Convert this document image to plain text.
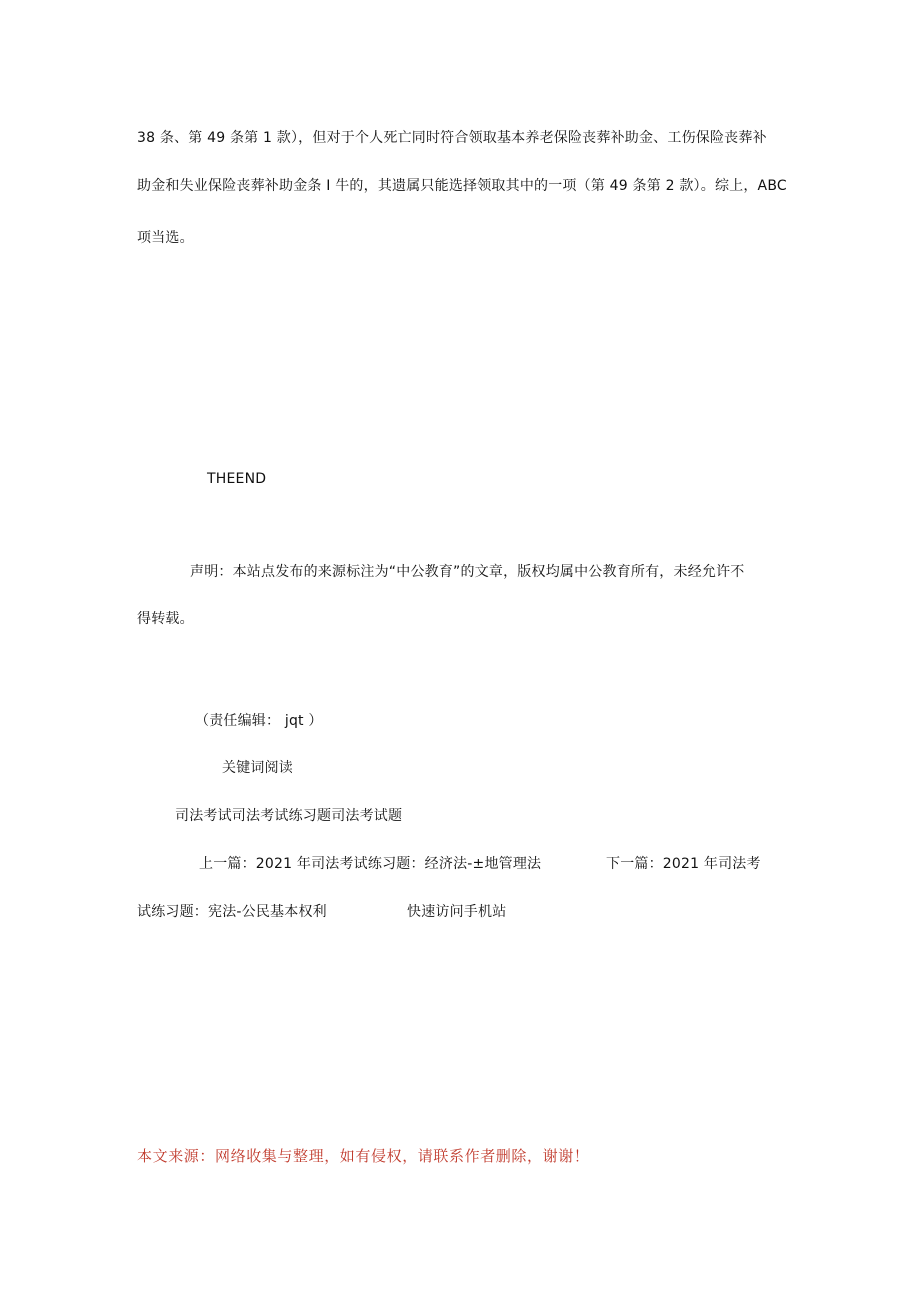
38 条、第 49 条第 1 款），但对于个人死亡同时符合领取基本养老保险丧葬补助金、工伤保险丧葬补
助金和失业保险丧葬补助金条 I 牛的，其遗属只能选择领取其中的一项（第 49 条第 2 款）。综上，ABC
项当选。
THEEND
声明：本站点发布的来源标注为“中公教育”的文章，版权均属中公教育所有，未经允许不
得转载。
（责任编辑： jqt ）
关键词阅读
司法考试司法考试练习题司法考试题
上一篇：2021 年司法考试练习题：经济法-±地管理法	下一篇：2021 年司法考
试练习题：宪法-公民基本权利	快速访问手机站
本文来源：网络收集与整理，如有侵权，请联系作者删除，谢谢！
